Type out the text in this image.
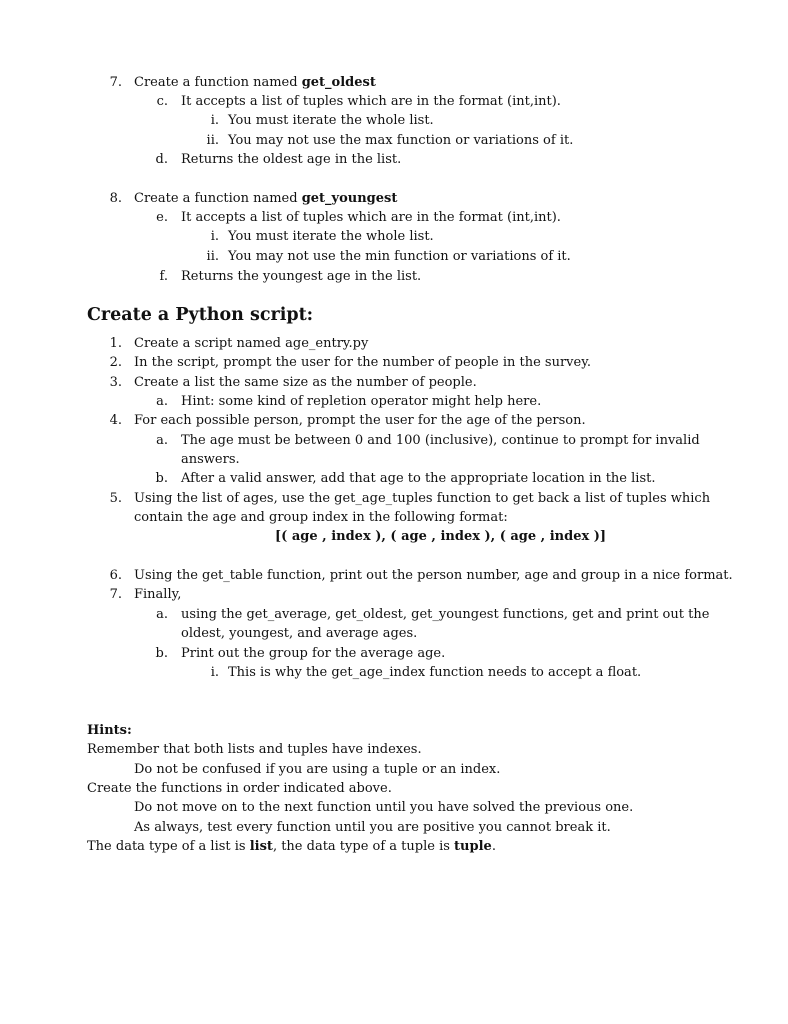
7. Create a function named get_oldest
c. It accepts a list of tuples which are in the format (int,int).
i. You must iterate the whole list.
ii. You may not use the max function or variations of it.
d. Returns the oldest age in the list.
8. Create a function named get_youngest
e. It accepts a list of tuples which are in the format (int,int).
i. You must iterate the whole list.
ii. You may not use the min function or variations of it.
f. Returns the youngest age in the list.
Create a Python script:
1. Create a script named age_entry.py
2. In the script, prompt the user for the number of people in the survey.
3. Create a list the same size as the number of people.
a. Hint: some kind of repletion operator might help here.
4. For each possible person, prompt the user for the age of the person.
a. The age must be between 0 and 100 (inclusive), continue to prompt for invalid
answers.
b. After a valid answer, add that age to the appropriate location in the list.
5. Using the list of ages, use the get_age_tuples function to get back a list of tuples which
contain the age and group index in the following format:
[( age , index ), ( age , index ), ( age , index )]
6. Using the get_table function, print out the person number, age and group in a nice format.
7. Finally,
a. using the get_average, get_oldest, get_youngest functions, get and print out the
oldest, youngest, and average ages.
b. Print out the group for the average age.
i. This is why the get_age_index function needs to accept a float.
Hints:
Remember that both lists and tuples have indexes.
Do not be confused if you are using a tuple or an index.
Create the functions in order indicated above.
Do not move on to the next function until you have solved the previous one.
As always, test every function until you are positive you cannot break it.
The data type of a list is list, the data type of a tuple is tuple.
